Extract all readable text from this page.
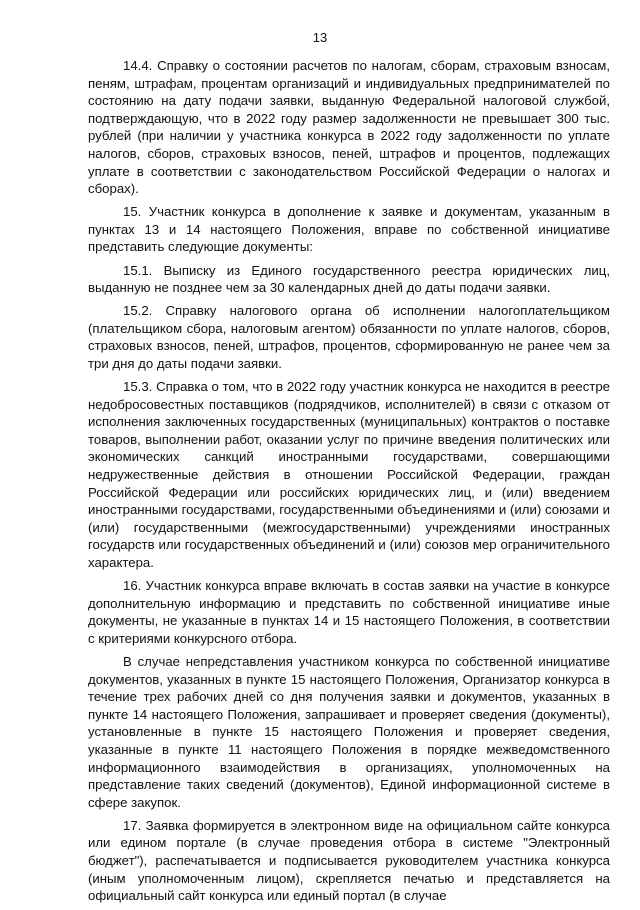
13

14.4. Справку о состоянии расчетов по налогам, сборам, страховым взносам, пеням, штрафам, процентам организаций и индивидуальных предпринимателей по состоянию на дату подачи заявки, выданную Федеральной налоговой службой, подтверждающую, что в 2022 году размер задолженности не превышает 300 тыс. рублей (при наличии у участника конкурса в 2022 году задолженности по уплате налогов, сборов, страховых взносов, пеней, штрафов и процентов, подлежащих уплате в соответствии с законодательством Российской Федерации о налогах и сборах).

15. Участник конкурса в дополнение к заявке и документам, указанным в пунктах 13 и 14 настоящего Положения, вправе по собственной инициативе представить следующие документы:

15.1. Выписку из Единого государственного реестра юридических лиц, выданную не позднее чем за 30 календарных дней до даты подачи заявки.

15.2. Справку налогового органа об исполнении налогоплательщиком (плательщиком сбора, налоговым агентом) обязанности по уплате налогов, сборов, страховых взносов, пеней, штрафов, процентов, сформированную не ранее чем за три дня до даты подачи заявки.

15.3. Справка о том, что в 2022 году участник конкурса не находится в реестре недобросовестных поставщиков (подрядчиков, исполнителей) в связи с отказом от исполнения заключенных государственных (муниципальных) контрактов о поставке товаров, выполнении работ, оказании услуг по причине введения политических или экономических санкций иностранными государствами, совершающими недружественные действия в отношении Российской Федерации, граждан Российской Федерации или российских юридических лиц, и (или) введением иностранными государствами, государственными объединениями и (или) союзами и (или) государственными (межгосударственными) учреждениями иностранных государств или государственных объединений и (или) союзов мер ограничительного характера.

16. Участник конкурса вправе включать в состав заявки на участие в конкурсе дополнительную информацию и представить по собственной инициативе иные документы, не указанные в пунктах 14 и 15 настоящего Положения, в соответствии с критериями конкурсного отбора.

В случае непредставления участником конкурса по собственной инициативе документов, указанных в пункте 15 настоящего Положения, Организатор конкурса в течение трех рабочих дней со дня получения заявки и документов, указанных в пункте 14 настоящего Положения, запрашивает и проверяет сведения (документы), установленные в пункте 15 настоящего Положения и проверяет сведения, указанные в пункте 11 настоящего Положения в порядке межведомственного информационного взаимодействия в организациях, уполномоченных на представление таких сведений (документов), Единой информационной системе в сфере закупок.

17. Заявка формируется в электронном виде на официальном сайте конкурса или едином портале (в случае проведения отбора в системе "Электронный бюджет"), распечатывается и подписывается руководителем участника конкурса (иным уполномоченным лицом), скрепляется печатью и представляется на официальный сайт конкурса или единый портал (в случае
